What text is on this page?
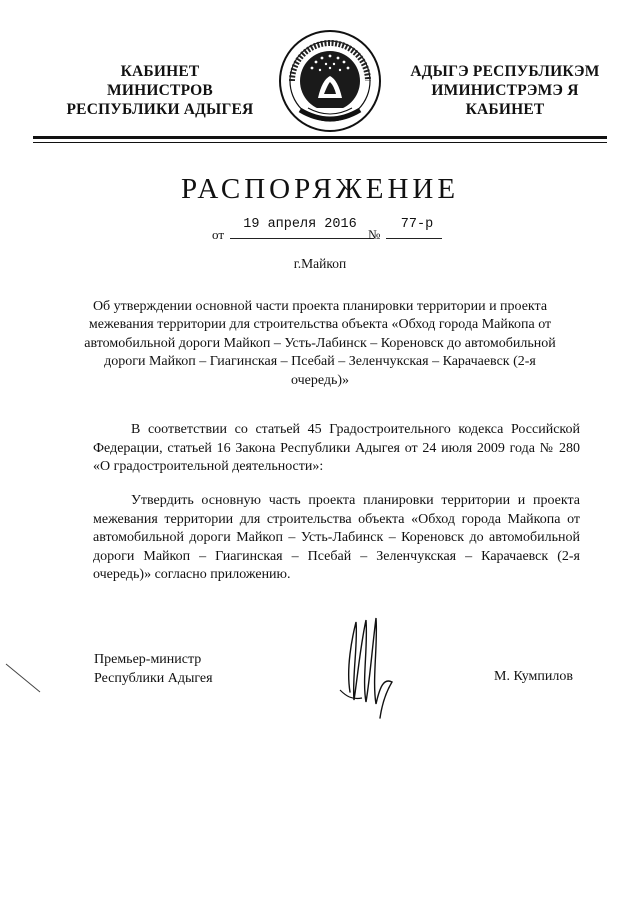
КАБИНЕТ МИНИСТРОВ
РЕСПУБЛИКИ АДЫГЕЯ
АДЫГЭ РЕСПУБЛИКЭМ
ИМИНИСТРЭМЭ Я КАБИНЕТ
РАСПОРЯЖЕНИЕ
от
19 апреля 2016
№
77-р
г.Майкоп
Об утверждении основной части проекта планировки территории и проекта межевания территории для строительства объекта «Обход города Майкопа от автомобильной дороги Майкоп – Усть-Лабинск – Кореновск до автомобильной дороги Майкоп – Гиагинская – Псебай – Зеленчукская – Карачаевск (2-я очередь)»
В соответствии со статьей 45 Градостроительного кодекса Российской Федерации, статьей 16 Закона Республики Адыгея от 24 июля 2009 года № 280 «О градостроительной деятельности»:
Утвердить основную часть проекта планировки территории и проекта межевания территории для строительства объекта «Обход города Майкопа от автомобильной дороги Майкоп – Усть-Лабинск – Кореновск до автомобильной дороги Майкоп – Гиагинская – Псебай – Зеленчукская – Карачаевск (2-я очередь)» согласно приложению.
Премьер-министр
Республики Адыгея	М. Кумпилов
